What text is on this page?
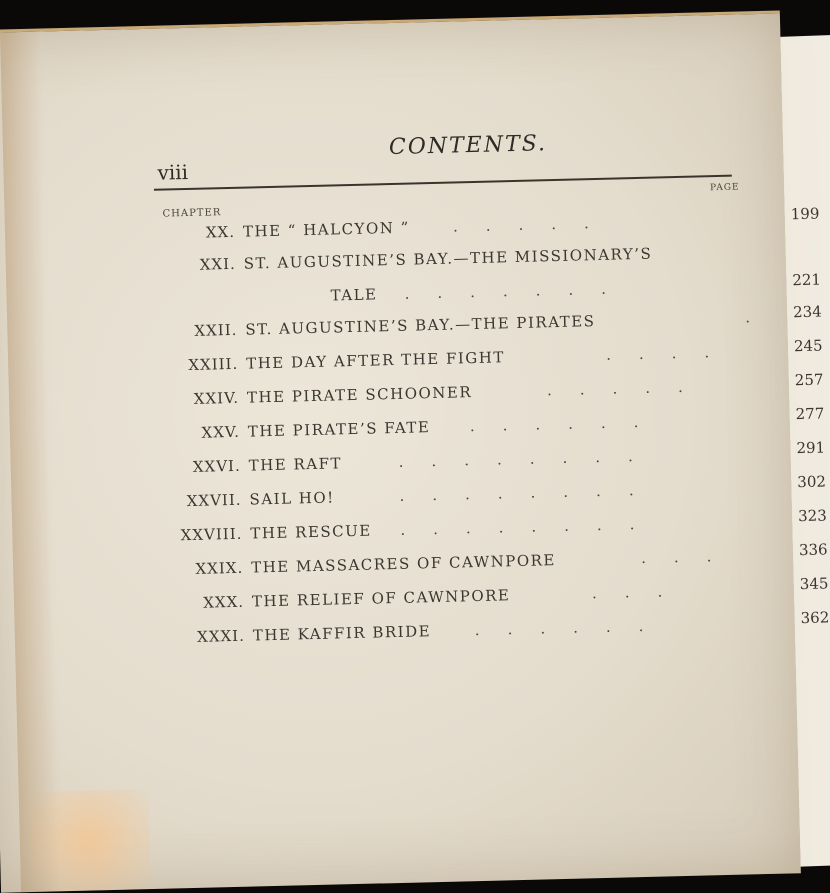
viii
CONTENTS.
PAGE
CHAPTER
XX. THE “ HALCYON ”	.....	199
XXI. ST. AUGUSTINE’S BAY.—THE MISSIONARY’S
TALE .......	221
XXII. ST. AUGUSTINE’S BAY.—THE PIRATES	. 234
XXIII. THE DAY AFTER THE FIGHT	....	245
XXIV. THE PIRATE SCHOONER	.....	257
XXV. THE PIRATE’S FATE	......	277
XXVI. THE RAFT	........	291
XXVII. SAIL HO!	........	302
XXVIII. THE RESCUE ........	323
XXIX. THE MASSACRES OF CAWNPORE	...	336
XXX. THE RELIEF OF CAWNPORE	...	345
XXXI. THE KAFFIR BRIDE	......	362
